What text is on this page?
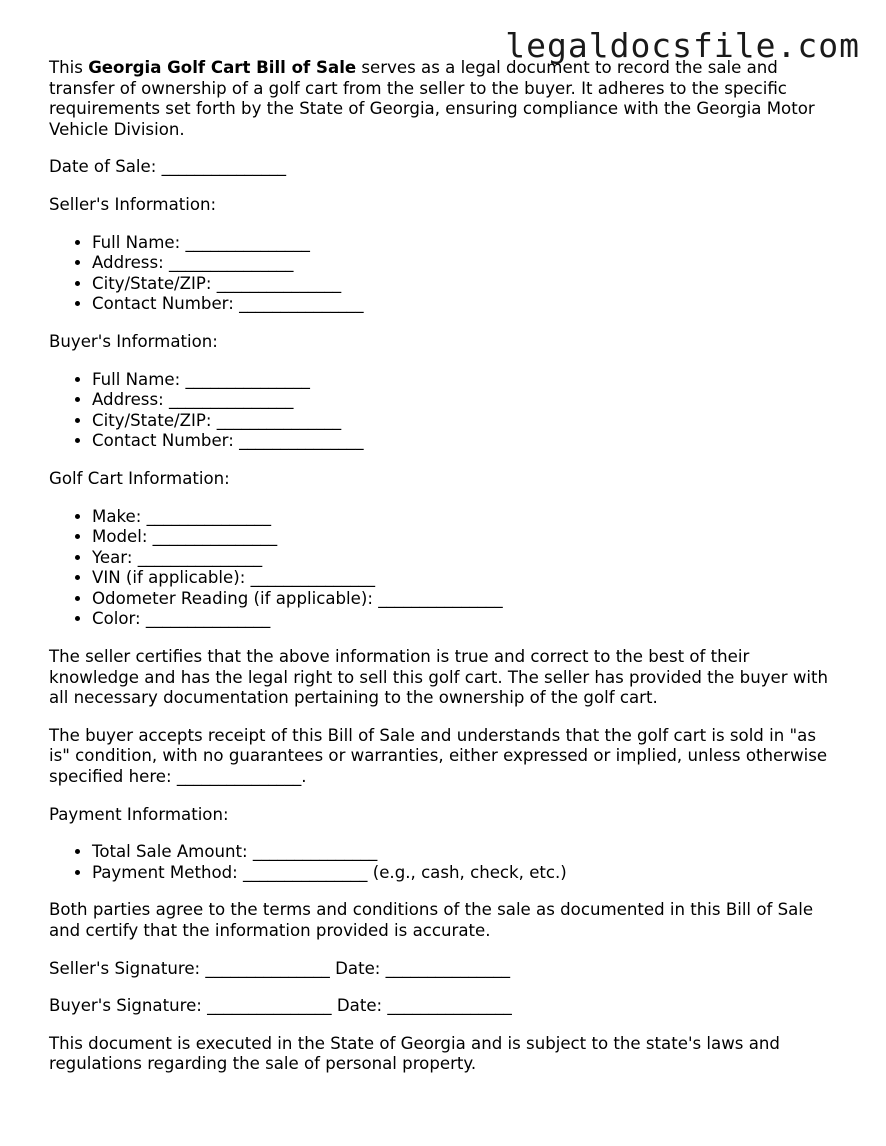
legaldocsfile.com

This Georgia Golf Cart Bill of Sale serves as a legal document to record the sale and transfer of ownership of a golf cart from the seller to the buyer. It adheres to the specific requirements set forth by the State of Georgia, ensuring compliance with the Georgia Motor Vehicle Division.

Date of Sale: _______________

Seller's Information:

• Full Name: _______________
• Address: _______________
• City/State/ZIP: _______________
• Contact Number: _______________

Buyer's Information:

• Full Name: _______________
• Address: _______________
• City/State/ZIP: _______________
• Contact Number: _______________

Golf Cart Information:

• Make: _______________
• Model: _______________
• Year: _______________
• VIN (if applicable): _______________
• Odometer Reading (if applicable): _______________
• Color: _______________

The seller certifies that the above information is true and correct to the best of their knowledge and has the legal right to sell this golf cart. The seller has provided the buyer with all necessary documentation pertaining to the ownership of the golf cart.

The buyer accepts receipt of this Bill of Sale and understands that the golf cart is sold in "as is" condition, with no guarantees or warranties, either expressed or implied, unless otherwise specified here: _______________.

Payment Information:

• Total Sale Amount: _______________
• Payment Method: _______________ (e.g., cash, check, etc.)

Both parties agree to the terms and conditions of the sale as documented in this Bill of Sale and certify that the information provided is accurate.

Seller's Signature: _______________ Date: _______________

Buyer's Signature: _______________ Date: _______________

This document is executed in the State of Georgia and is subject to the state's laws and regulations regarding the sale of personal property.
